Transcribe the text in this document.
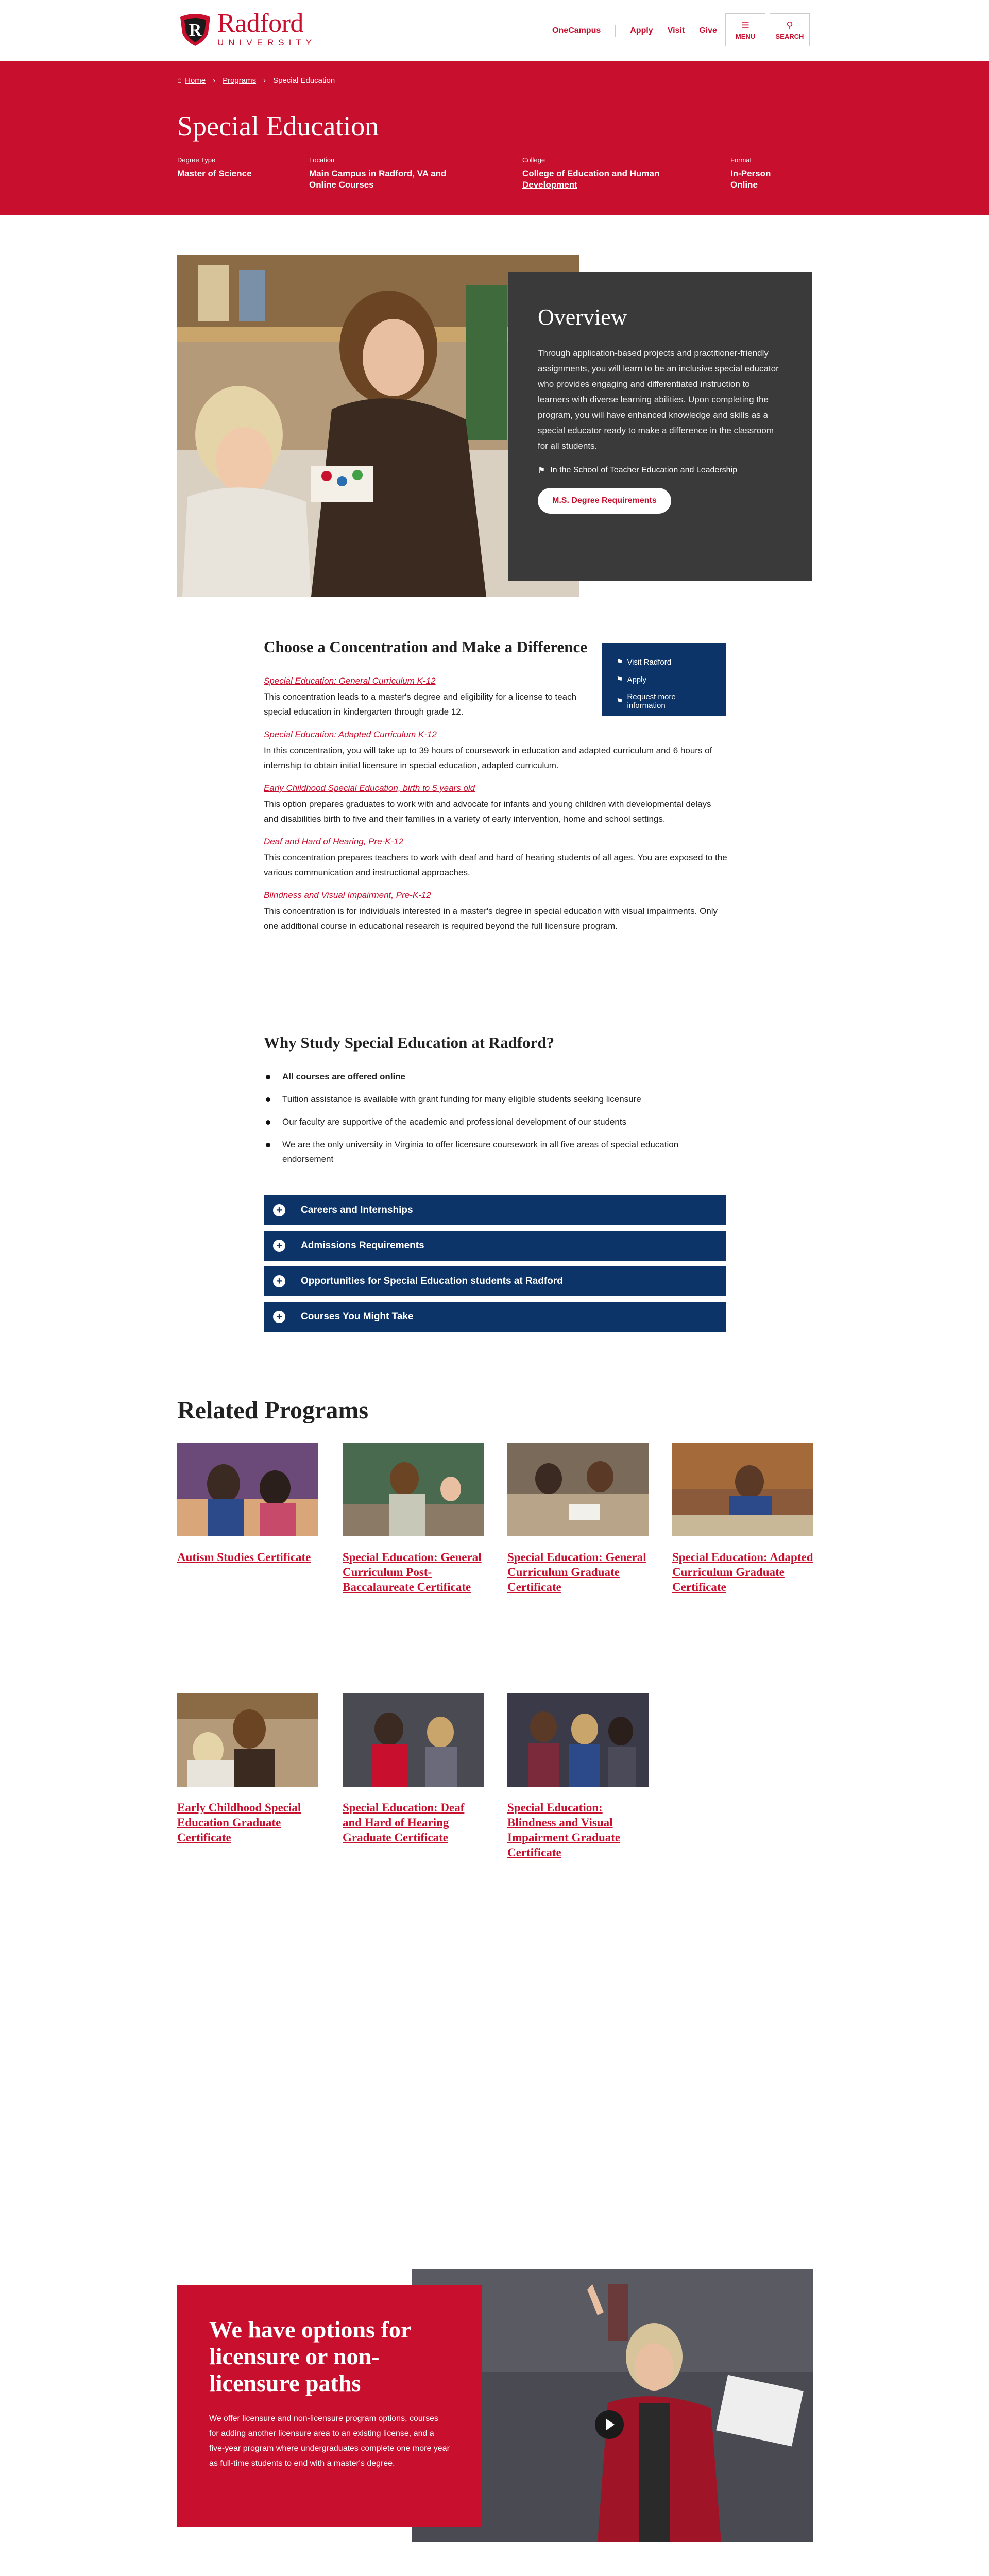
R Radford
UNIVERSITY
OneCampus	Apply Visit Give
☰
MENU
⚲
SEARCH
⌂ Home › Programs › Special Education
Special Education
Degree Type
Master of Science
Location
Main Campus in Radford, VA and Online Courses
College
College of Education and Human Development
Format
In-Person Online
Overview

Through application-based projects and practitioner-friendly assignments, you will learn to be an inclusive special educator who provides engaging and differentiated instruction to learners with diverse learning abilities. Upon completing the program, you will have enhanced knowledge and skills as a special educator ready to make a difference in the classroom for all students.

⚑ In the School of Teacher Education and Leadership
M.S. Degree Requirements
Choose a Concentration and Make a Difference
Special Education: General Curriculum K-12

This concentration leads to a master's degree and eligibility for a license to teach special education in kindergarten through grade 12.

Special Education: Adapted Curriculum K-12

In this concentration, you will take up to 39 hours of coursework in education and adapted curriculum and 6 hours of internship to obtain initial licensure in special education, adapted curriculum.

Early Childhood Special Education, birth to 5 years old

This option prepares graduates to work with and advocate for infants and young children with developmental delays and disabilities birth to five and their families in a variety of early intervention, home and school settings.

Deaf and Hard of Hearing, Pre-K-12

This concentration prepares teachers to work with deaf and hard of hearing students of all ages. You are exposed to the various communication and instructional approaches.

Blindness and Visual Impairment, Pre-K-12

This concentration is for individuals interested in a master's degree in special education with visual impairments. Only one additional course in educational research is required beyond the full licensure program.

⚑ Visit Radford
⚑ Apply
⚑
Request more information
Why Study Special Education at Radford?
All courses are offered online
Tuition assistance is available with grant funding for many eligible students seeking licensure
Our faculty are supportive of the academic and professional development of our students
We are the only university in Virginia to offer licensure coursework in all five areas of special education endorsement
+	Careers and Internships
+	Admissions Requirements
+	Opportunities for Special Education students at Radford
+	Courses You Might Take
Related Programs
Autism Studies Certificate	Special Education: General Curriculum Post-Baccalaureate Certificate
Special Education: General Curriculum Graduate Certificate
Special Education: Adapted Curriculum Graduate Certificate
Early Childhood Special Education Graduate Certificate
Special Education: Deaf and Hard of Hearing Graduate Certificate
Special Education: Blindness and Visual Impairment Graduate Certificate
We have options for licensure or non-licensure paths

We offer licensure and non-licensure program options, courses for adding another licensure area to an existing license, and a five-year program where undergraduates complete one more year as full-time students to end with a master's degree.
